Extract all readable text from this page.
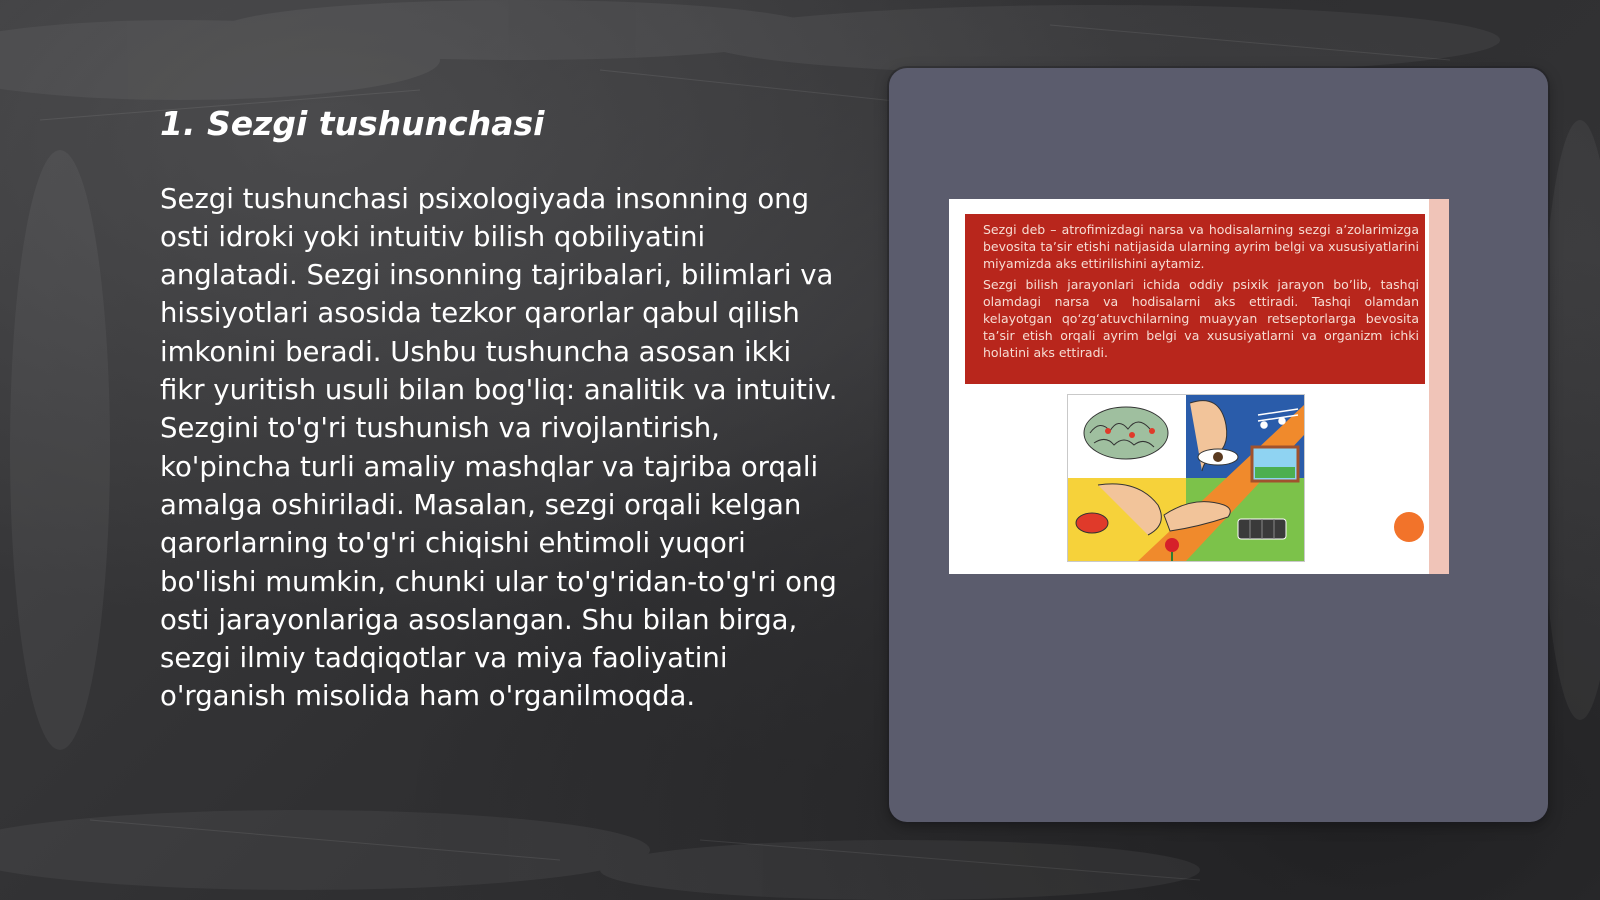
1. Sezgi tushunchasi

Sezgi tushunchasi psixologiyada insonning ong osti idroki yoki intuitiv bilish qobiliyatini anglatadi. Sezgi insonning tajribalari, bilimlari va hissiyotlari asosida tezkor qarorlar qabul qilish imkonini beradi. Ushbu tushuncha asosan ikki fikr yuritish usuli bilan bog'liq: analitik va intuitiv. Sezgini to'g'ri tushunish va rivojlantirish, ko'pincha turli amaliy mashqlar va tajriba orqali amalga oshiriladi. Masalan, sezgi orqali kelgan qarorlarning to'g'ri chiqishi ehtimoli yuqori bo'lishi mumkin, chunki ular to'g'ridan-to'g'ri ong osti jarayonlariga asoslangan. Shu bilan birga, sezgi ilmiy tadqiqotlar va miya faoliyatini o'rganish misolida ham o'rganilmoqda.

Sezgi deb – atrofimizdagi narsa va hodisalarning sezgi aʼzolarimizga bevosita taʼsir etishi natijasida ularning ayrim belgi va xususiyatlarini miyamizda aks ettirilishini aytamiz.

Sezgi bilish jarayonlari ichida oddiy psixik jarayon boʼlib, tashqi olamdagi narsa va hodisalarni aks ettiradi. Tashqi olamdan kelayotgan qoʻzgʻatuvchilarning muayyan retseptorlarga bevosita taʼsir etish orqali ayrim belgi va xususiyatlarni va organizm ichki holatini aks ettiradi.
